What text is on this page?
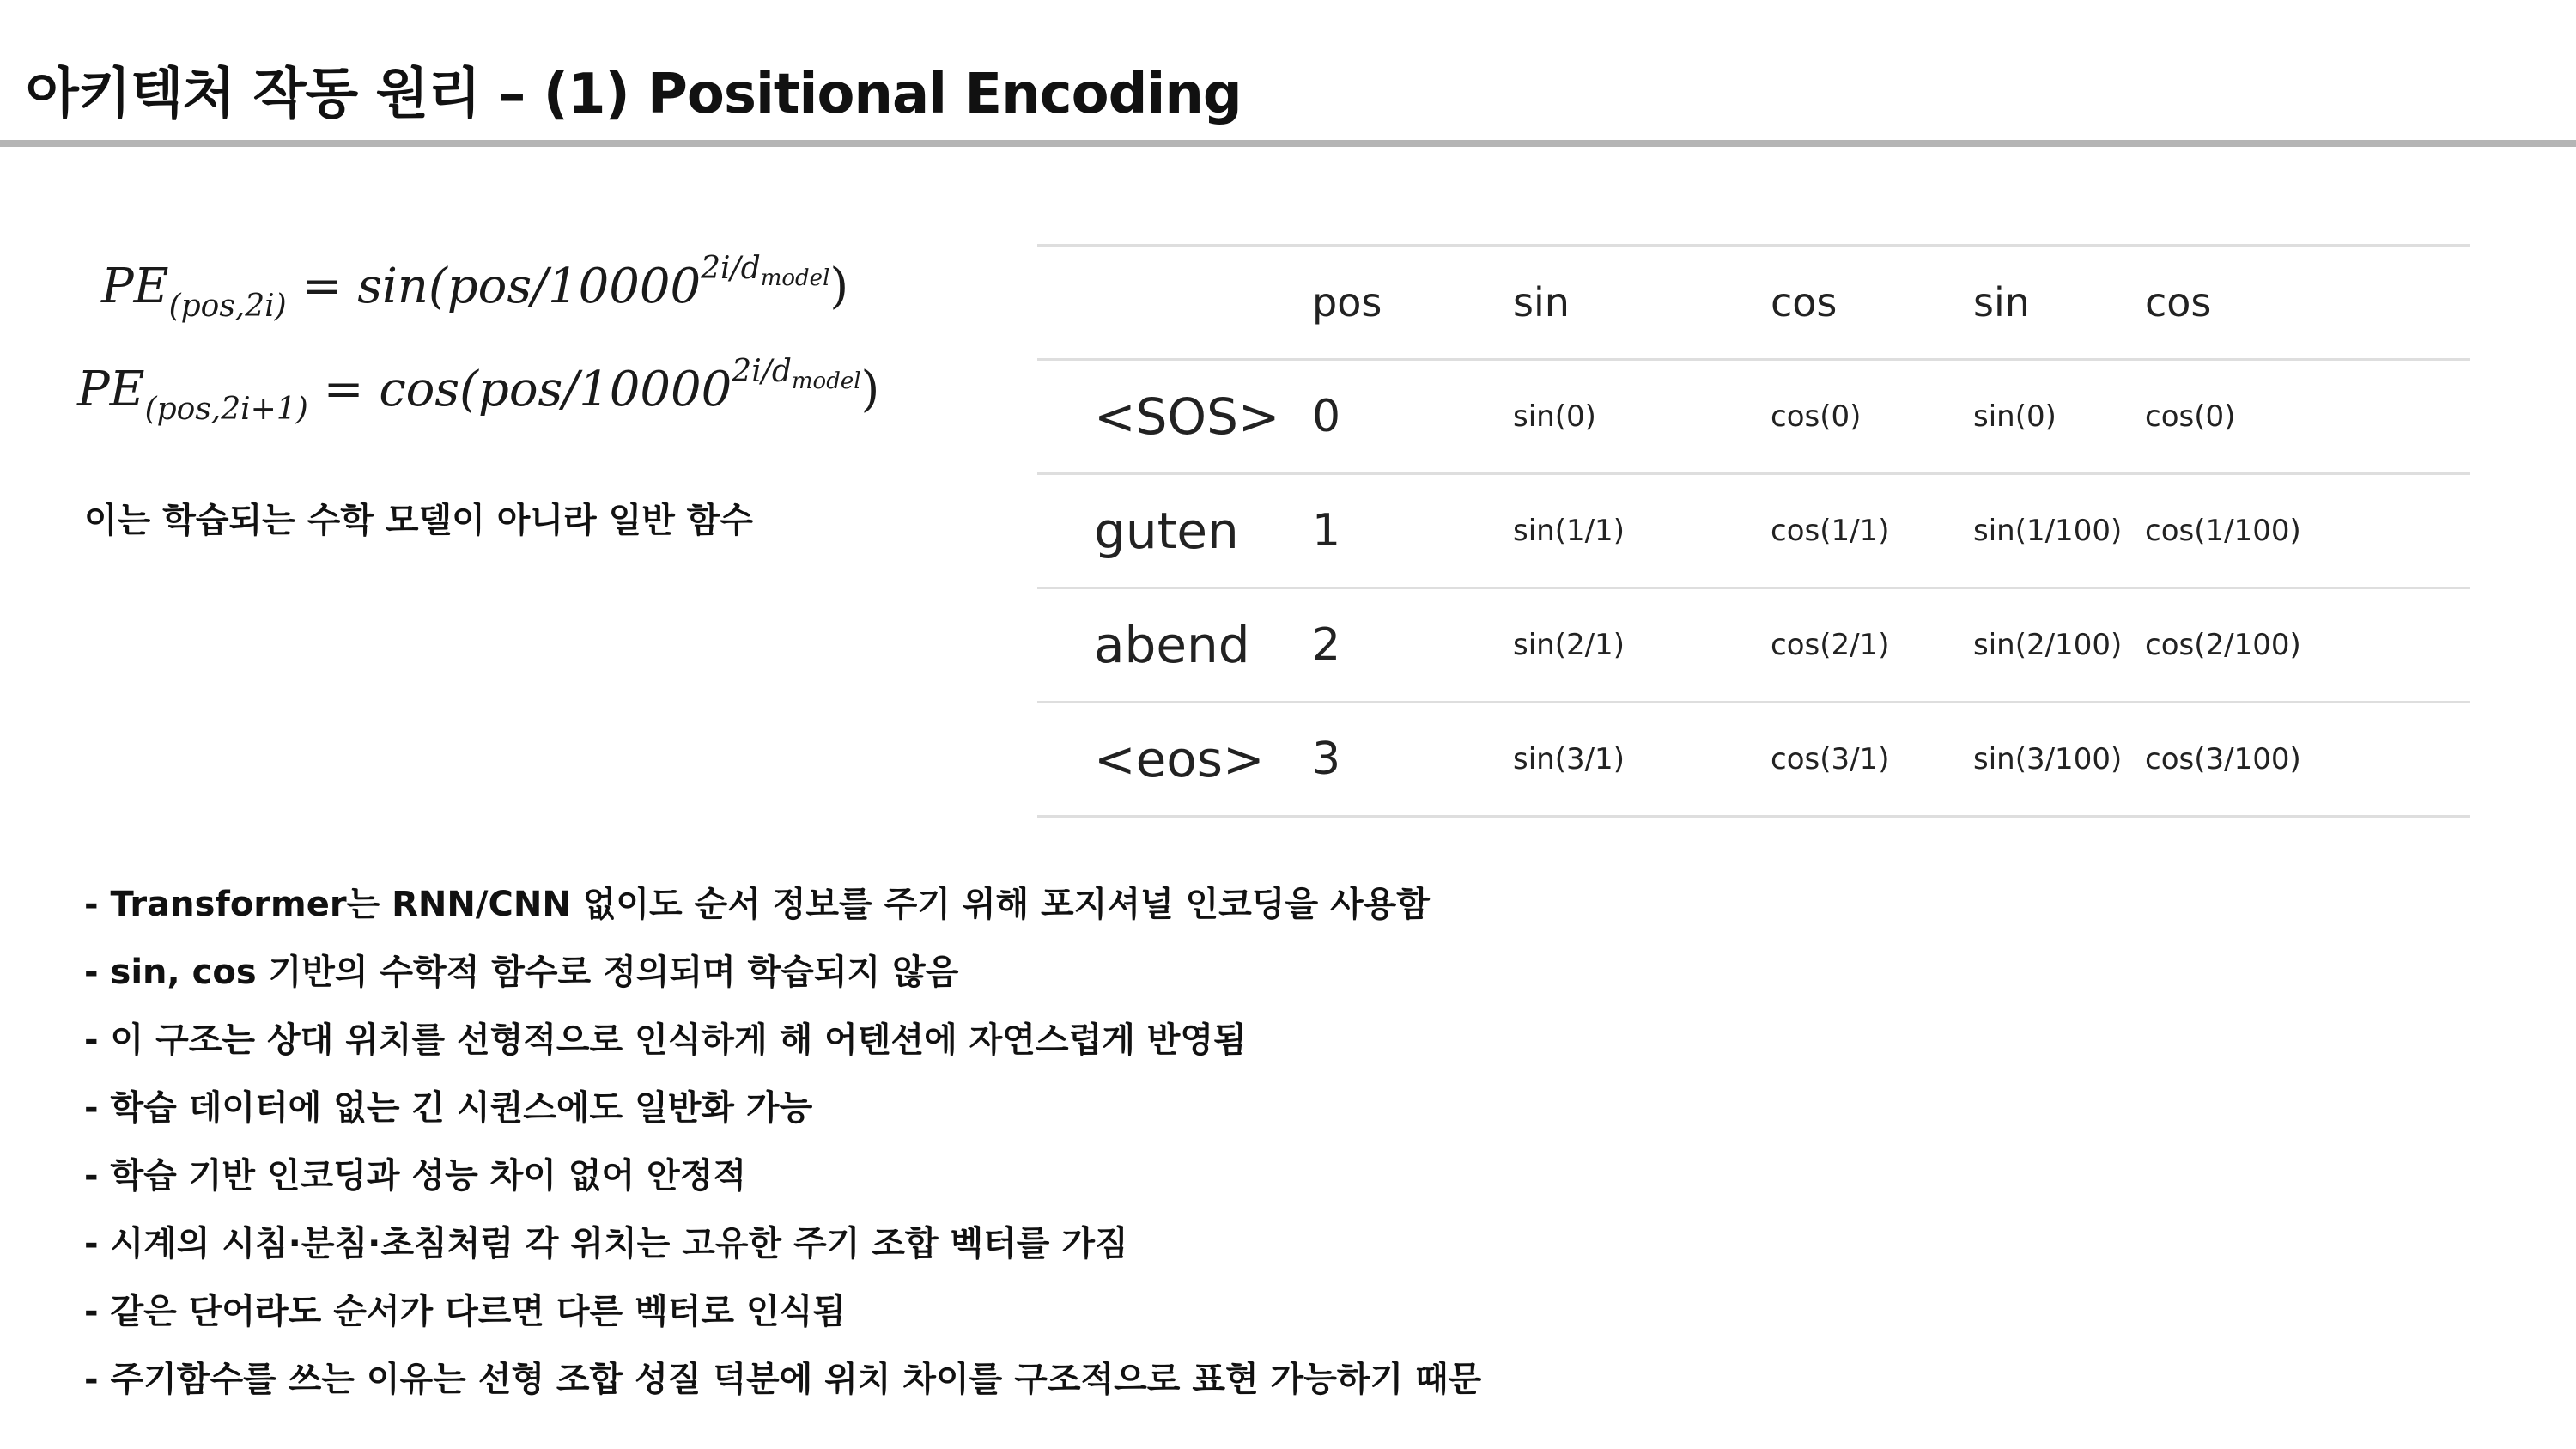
아키텍처 작동 원리 – (1) Positional Encoding
$PE_{(pos,2i)} = \sin(pos/10000^{2i/d_{model}})$
$PE_{(pos,2i+1)} = \cos(pos/10000^{2i/d_{model}})$
이는 학습되는 수학 모델이 아니라 일반 함수
	pos	sin	cos	sin	cos
<SOS>	0	sin(0)	cos(0)	sin(0)	cos(0)
guten	1	sin(1/1)	cos(1/1)	sin(1/100)	cos(1/100)
abend	2	sin(2/1)	cos(2/1)	sin(2/100)	cos(2/100)
<eos>	3	sin(3/1)	cos(3/1)	sin(3/100)	cos(3/100)
- Transformer는 RNN/CNN 없이도 순서 정보를 주기 위해 포지셔널 인코딩을 사용함
- sin, cos 기반의 수학적 함수로 정의되며 학습되지 않음
- 이 구조는 상대 위치를 선형적으로 인식하게 해 어텐션에 자연스럽게 반영됨
- 학습 데이터에 없는 긴 시퀀스에도 일반화 가능
- 학습 기반 인코딩과 성능 차이 없어 안정적
- 시계의 시침·분침·초침처럼 각 위치는 고유한 주기 조합 벡터를 가짐
- 같은 단어라도 순서가 다르면 다른 벡터로 인식됨
- 주기함수를 쓰는 이유는 선형 조합 성질 덕분에 위치 차이를 구조적으로 표현 가능하기 때문
